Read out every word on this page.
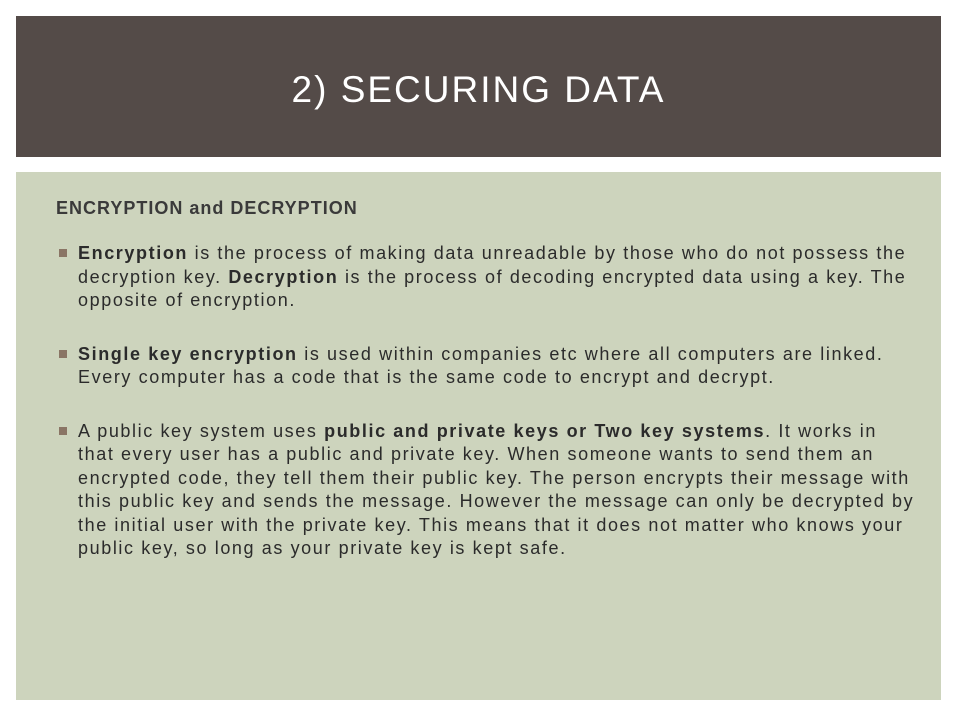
2) SECURING DATA
ENCRYPTION and DECRYPTION
Encryption is the process of making data unreadable by those who do not possess the decryption key. Decryption is the process of decoding encrypted data using a key. The opposite of encryption.
Single key encryption is used within companies etc where all computers are linked. Every computer has a code that is the same code to encrypt and decrypt.
A public key system uses public and private keys or Two key systems. It works in that every user has a public and private key. When someone wants to send them an encrypted code, they tell them their public key. The person encrypts their message with this public key and sends the message. However the message can only be decrypted by the initial user with the private key. This means that it does not matter who knows your public key, so long as your private key is kept safe.
